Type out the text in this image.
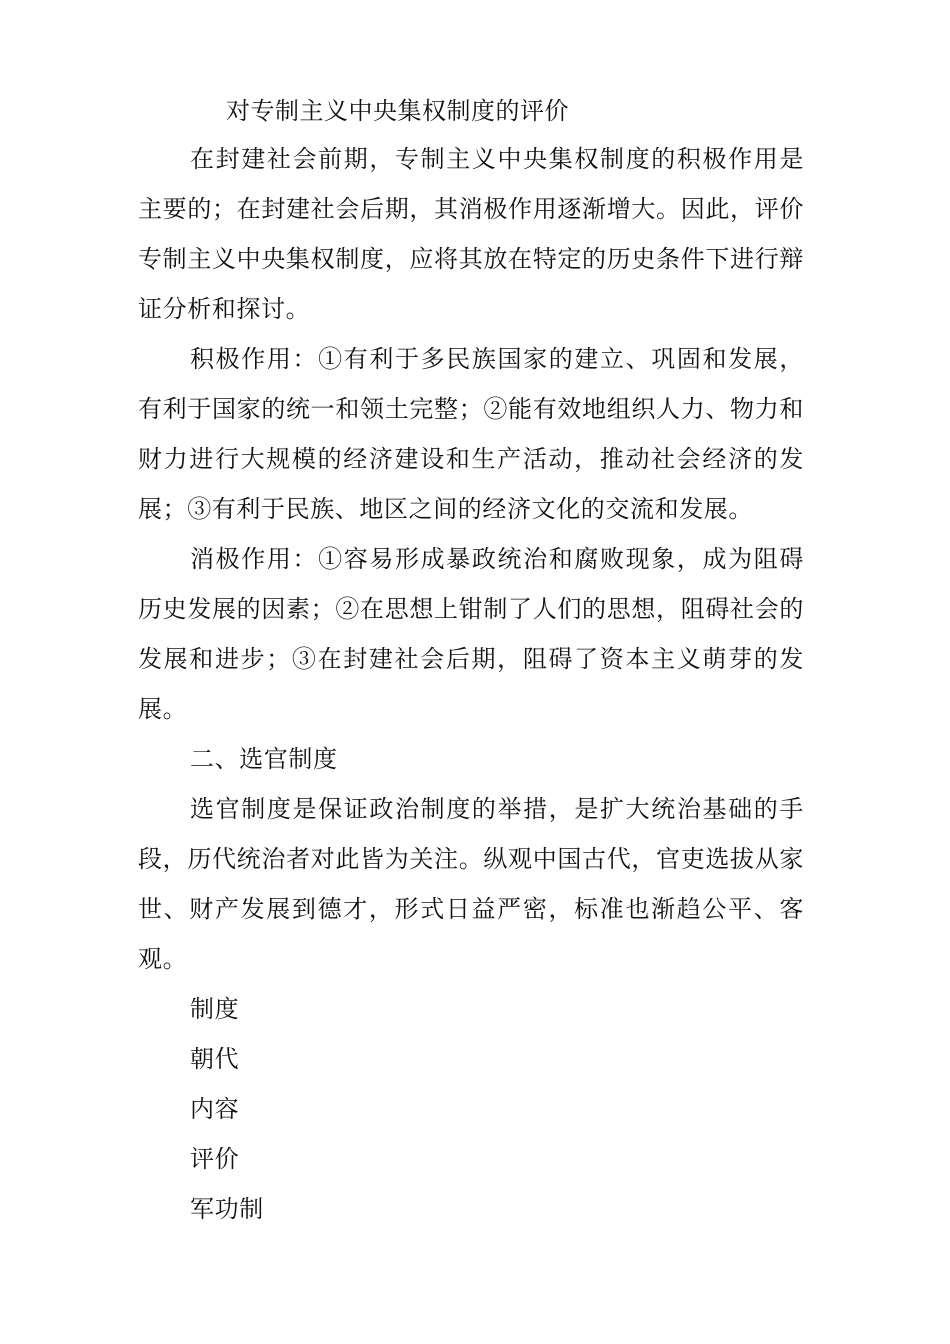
对专制主义中央集权制度的评价

在封建社会前期，专制主义中央集权制度的积极作用是主要的；在封建社会后期，其消极作用逐渐增大。因此，评价专制主义中央集权制度，应将其放在特定的历史条件下进行辩证分析和探讨。

积极作用：①有利于多民族国家的建立、巩固和发展，有利于国家的统一和领土完整；②能有效地组织人力、物力和财力进行大规模的经济建设和生产活动，推动社会经济的发展；③有利于民族、地区之间的经济文化的交流和发展。

消极作用：①容易形成暴政统治和腐败现象，成为阻碍历史发展的因素；②在思想上钳制了人们的思想，阻碍社会的发展和进步；③在封建社会后期，阻碍了资本主义萌芽的发展。

二、选官制度

选官制度是保证政治制度的举措，是扩大统治基础的手段，历代统治者对此皆为关注。纵观中国古代，官吏选拔从家世、财产发展到德才，形式日益严密，标准也渐趋公平、客观。

制度
朝代
内容
评价
军功制
